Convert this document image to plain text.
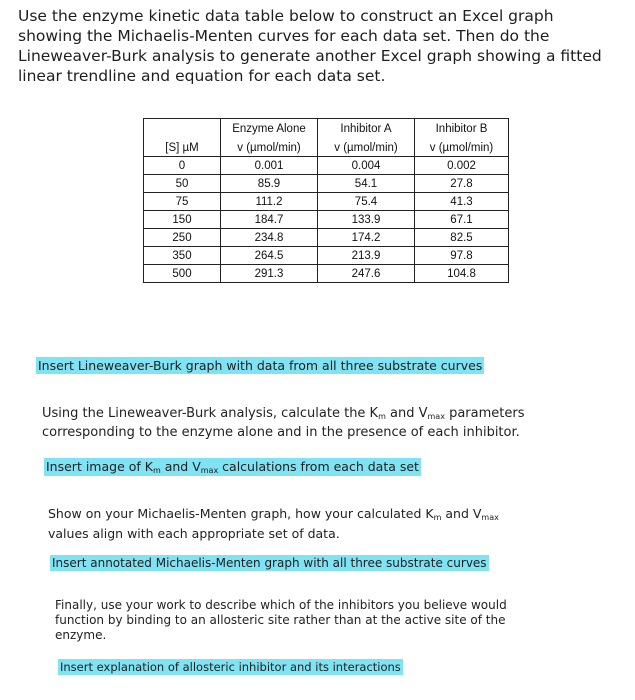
Use the enzyme kinetic data table below to construct an Excel graph
showing the Michaelis-Menten curves for each data set. Then do the
Lineweaver-Burk analysis to generate another Excel graph showing a fitted
linear trendline and equation for each data set.
	Enzyme Alone	Inhibitor A	Inhibitor B
[S] µM	v (µmol/min)	v (µmol/min)	v (µmol/min)
0	0.001	0.004	0.002
50	85.9	54.1	27.8
75	111.2	75.4	41.3
150	184.7	133.9	67.1
250	234.8	174.2	82.5
350	264.5	213.9	97.8
500	291.3	247.6	104.8
Insert Lineweaver-Burk graph with data from all three substrate curves
Using the Lineweaver-Burk analysis, calculate the $K_m$ and $V_{max}$ parameters
corresponding to the enzyme alone and in the presence of each inhibitor.
Insert image of $K_m$ and $V_{max}$ calculations from each data set
Show on your Michaelis-Menten graph, how your calculated $K_m$ and $V_{max}$
values align with each appropriate set of data.
Insert annotated Michaelis-Menten graph with all three substrate curves
Finally, use your work to describe which of the inhibitors you believe would
function by binding to an allosteric site rather than at the active site of the
enzyme.
Insert explanation of allosteric inhibitor and its interactions
